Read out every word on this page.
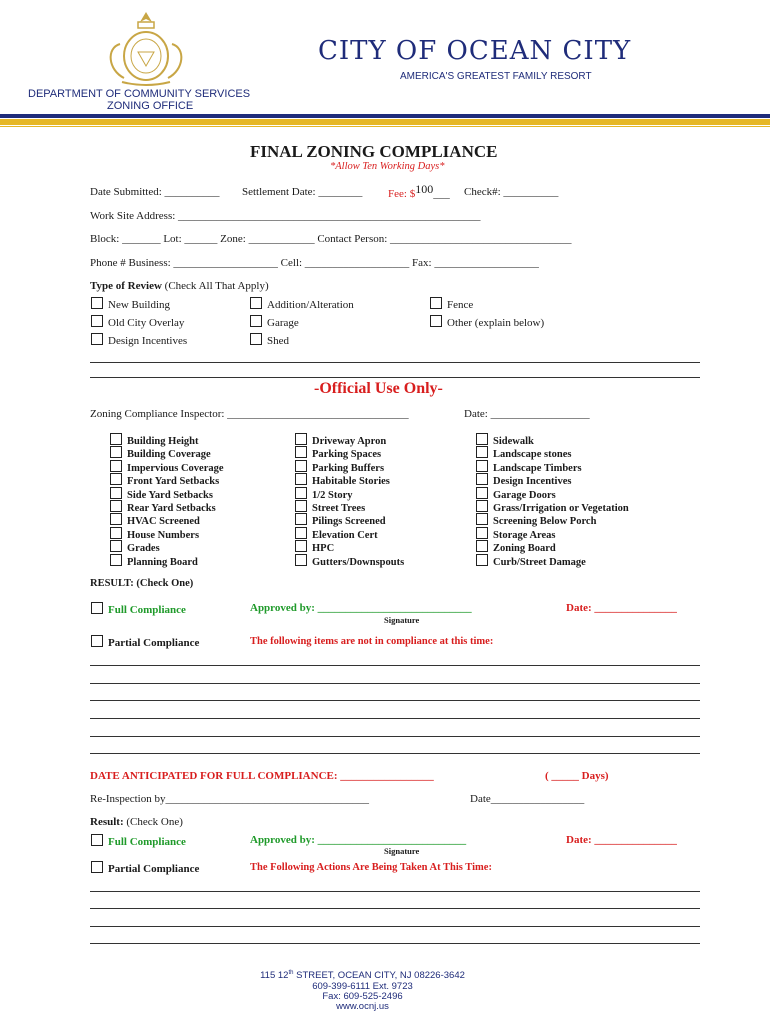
CITY OF OCEAN CITY
AMERICA'S GREATEST FAMILY RESORT
DEPARTMENT OF COMMUNITY SERVICES
ZONING OFFICE
FINAL ZONING COMPLIANCE
*Allow Ten Working Days*
Date Submitted: __________ Settlement Date: ________ Fee: $100___ Check#: __________
Work Site Address: _______________________________________________________
Block: _______ Lot: ______ Zone: ____________ Contact Person: _________________________________
Phone # Business: ___________________ Cell: ___________________ Fax: ___________________
Type of Review (Check All That Apply)
New Building
Old City Overlay
Design Incentives
Addition/Alteration
Garage
Shed
Fence
Other (explain below)
-Official Use Only-
Zoning Compliance Inspector: _________________________________	Date: __________________
Building Height
Building Coverage
Impervious Coverage
Front Yard Setbacks
Side Yard Setbacks
Rear Yard Setbacks
HVAC Screened
House Numbers
Grades
Planning Board
Driveway Apron
Parking Spaces
Parking Buffers
Habitable Stories
1/2 Story
Street Trees
Pilings Screened
Elevation Cert
HPC
Gutters/Downspouts
Sidewalk
Landscape stones
Landscape Timbers
Design Incentives
Garage Doors
Grass/Irrigation or Vegetation
Screening Below Porch
Storage Areas
Zoning Board
Curb/Street Damage
RESULT: (Check One)
Full Compliance	Approved by: ____________________________	Date: _______________
Signature
Partial Compliance	The following items are not in compliance at this time:
DATE ANTICIPATED FOR FULL COMPLIANCE: _________________	( _____ Days)
Re-Inspection by_____________________________________	Date_________________
Result: (Check One)
Full Compliance	Approved by: ___________________________	Date: _______________
Signature
Partial Compliance	The Following Actions Are Being Taken At This Time:
115 12th STREET, OCEAN CITY, NJ 08226-3642
609-399-6111 Ext. 9723
Fax: 609-525-2496
www.ocnj.us
